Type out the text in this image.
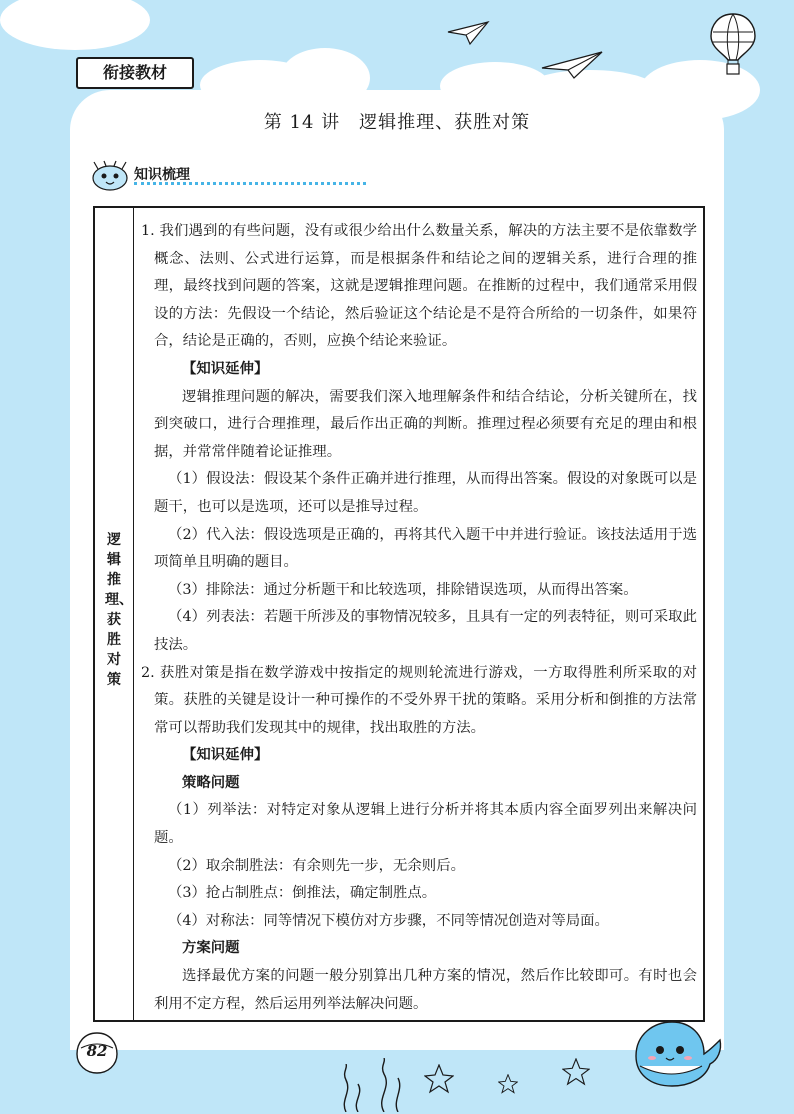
衔接教材
第 14 讲　逻辑推理、获胜对策
知识梳理
逻辑推理、获胜对策

1. 我们遇到的有些问题，没有或很少给出什么数量关系，解决的方法主要不是依靠数学概念、法则、公式进行运算，而是根据条件和结论之间的逻辑关系，进行合理的推理，最终找到问题的答案，这就是逻辑推理问题。在推断的过程中，我们通常采用假设的方法：先假设一个结论，然后验证这个结论是不是符合所给的一切条件，如果符合，结论是正确的，否则，应换个结论来验证。

【知识延伸】

逻辑推理问题的解决，需要我们深入地理解条件和结合结论，分析关键所在，找到突破口，进行合理推理，最后作出正确的判断。推理过程必须要有充足的理由和根据，并常常伴随着论证推理。

（1）假设法：假设某个条件正确并进行推理，从而得出答案。假设的对象既可以是题干，也可以是选项，还可以是推导过程。

（2）代入法：假设选项是正确的，再将其代入题干中并进行验证。该技法适用于选项简单且明确的题目。

（3）排除法：通过分析题干和比较选项，排除错误选项，从而得出答案。

（4）列表法：若题干所涉及的事物情况较多，且具有一定的列表特征，则可采取此技法。

2. 获胜对策是指在数学游戏中按指定的规则轮流进行游戏，一方取得胜利所采取的对策。获胜的关键是设计一种可操作的不受外界干扰的策略。采用分析和倒推的方法常常可以帮助我们发现其中的规律，找出取胜的方法。

【知识延伸】

策略问题

（1）列举法：对特定对象从逻辑上进行分析并将其本质内容全面罗列出来解决问题。

（2）取余制胜法：有余则先一步，无余则后。

（3）抢占制胜点：倒推法，确定制胜点。

（4）对称法：同等情况下模仿对方步骤，不同等情况创造对等局面。

方案问题

选择最优方案的问题一般分别算出几种方案的情况，然后作比较即可。有时也会利用不定方程，然后运用列举法解决问题。

82
